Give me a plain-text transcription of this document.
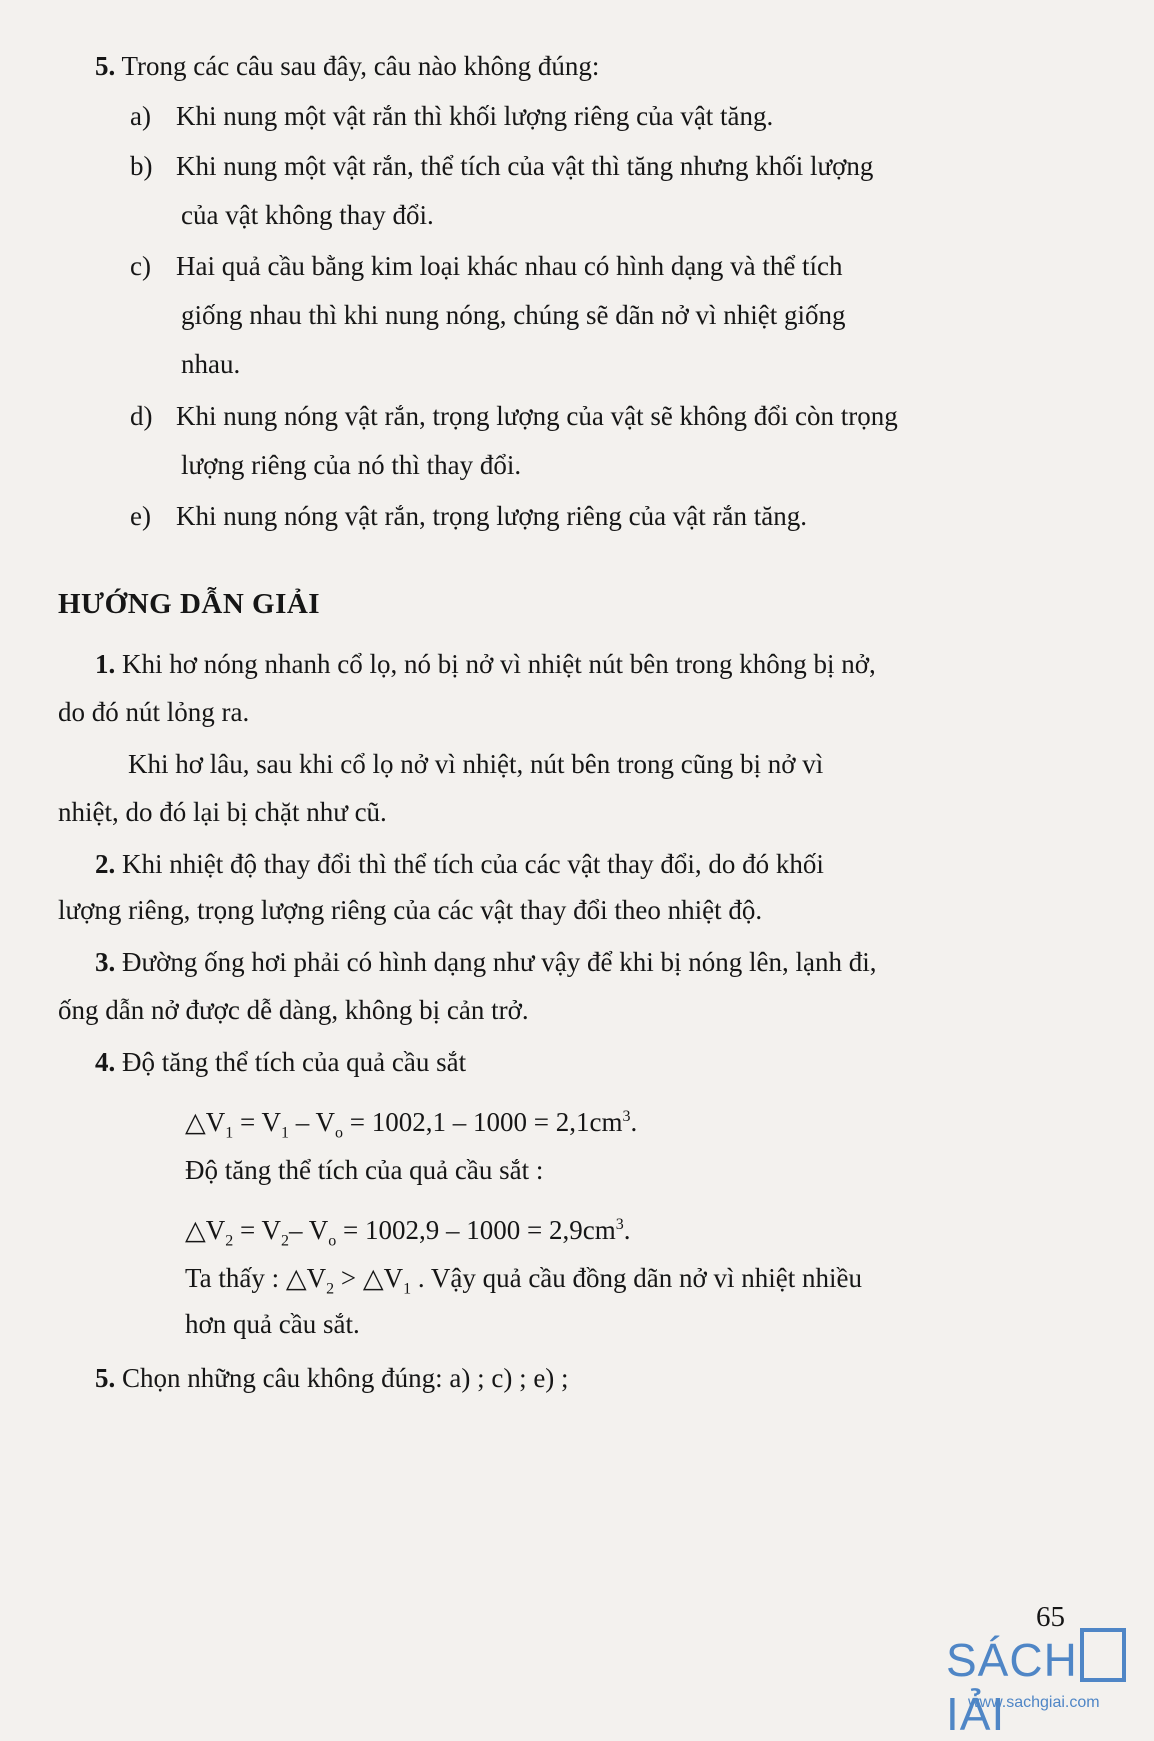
5. Trong các câu sau đây, câu nào không đúng:

a) Khi nung một vật rắn thì khối lượng riêng của vật tăng.

b) Khi nung một vật rắn, thể tích của vật thì tăng nhưng khối lượng

của vật không thay đổi.

c) Hai quả cầu bằng kim loại khác nhau có hình dạng và thể tích

giống nhau thì khi nung nóng, chúng sẽ dãn nở vì nhiệt giống

nhau.

d) Khi nung nóng vật rắn, trọng lượng của vật sẽ không đổi còn trọng

lượng riêng của nó thì thay đổi.

e) Khi nung nóng vật rắn, trọng lượng riêng của vật rắn tăng.

HƯỚNG DẪN GIẢI

1. Khi hơ nóng nhanh cổ lọ, nó bị nở vì nhiệt nút bên trong không bị nở,

do đó nút lỏng ra.

Khi hơ lâu, sau khi cổ lọ nở vì nhiệt, nút bên trong cũng bị nở vì

nhiệt, do đó lại bị chặt như cũ.

2. Khi nhiệt độ thay đổi thì thể tích của các vật thay đổi, do đó khối

lượng riêng, trọng lượng riêng của các vật thay đổi theo nhiệt độ.

3. Đường ống hơi phải có hình dạng như vậy để khi bị nóng lên, lạnh đi,

ống dẫn nở được dễ dàng, không bị cản trở.

4. Độ tăng thể tích của quả cầu sắt

$\triangle V_1 = V_1 - V_o = 1002,1 - 1000 = 2,1cm^3$.

Độ tăng thể tích của quả cầu sắt :

$\triangle V_2 = V_2-$ $V_o = 1002,9 - 1000 = 2,9cm^3$.

Ta thấy : $\triangle V_2$ > $\triangle V_1$ . Vậy quả cầu đồng dãn nở vì nhiệt nhiều

hơn quả cầu sắt.

5. Chọn những câu không đúng: a) ; c) ; e) ;

65
SÁCHIẢI
www.sachgiai.com
